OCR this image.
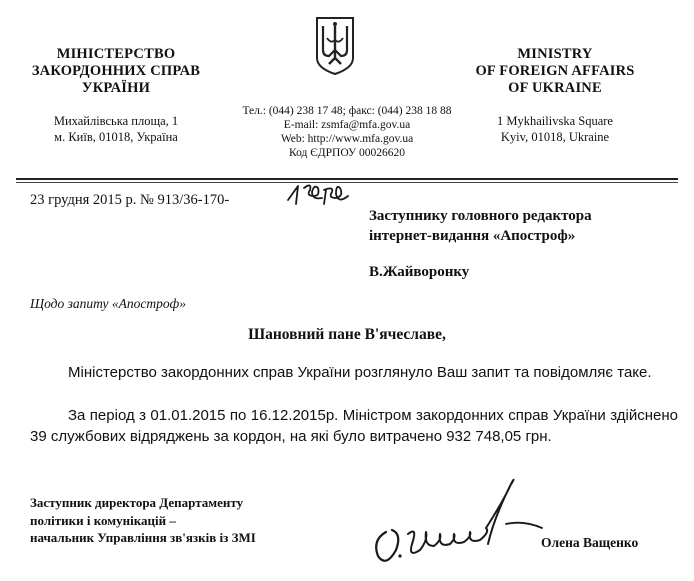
МІНІСТЕРСТВО
ЗАКОРДОННИХ СПРАВ
УКРАЇНИ
Михайлівська площа, 1
м. Київ, 01018, Україна
Тел.: (044) 238 17 48; факс: (044) 238 18 88
E-mail: zsmfa@mfa.gov.ua
Web: http://www.mfa.gov.ua
Код ЄДРПОУ 00026620
MINISTRY
OF FOREIGN AFFAIRS
OF UKRAINE
1 Mykhailivska Square
Kyiv, 01018, Ukraine
23 грудня 2015 р. № 913/36-170-
Заступнику головного редактора
інтернет-видання «Апостроф»
В.Жайворонку
Щодо запиту «Апостроф»
Шановний пане В'ячеславе,
Міністерство закордонних справ України розглянуло Ваш запит та повідомляє таке.
За період з 01.01.2015 по 16.12.2015р. Міністром закордонних справ України здійснено 39 службових відряджень за кордон, на які було витрачено 932 748,05 грн.
Заступник директора Департаменту
політики і комунікацій –
начальник Управління зв'язків із ЗМІ	Олена Ващенко
